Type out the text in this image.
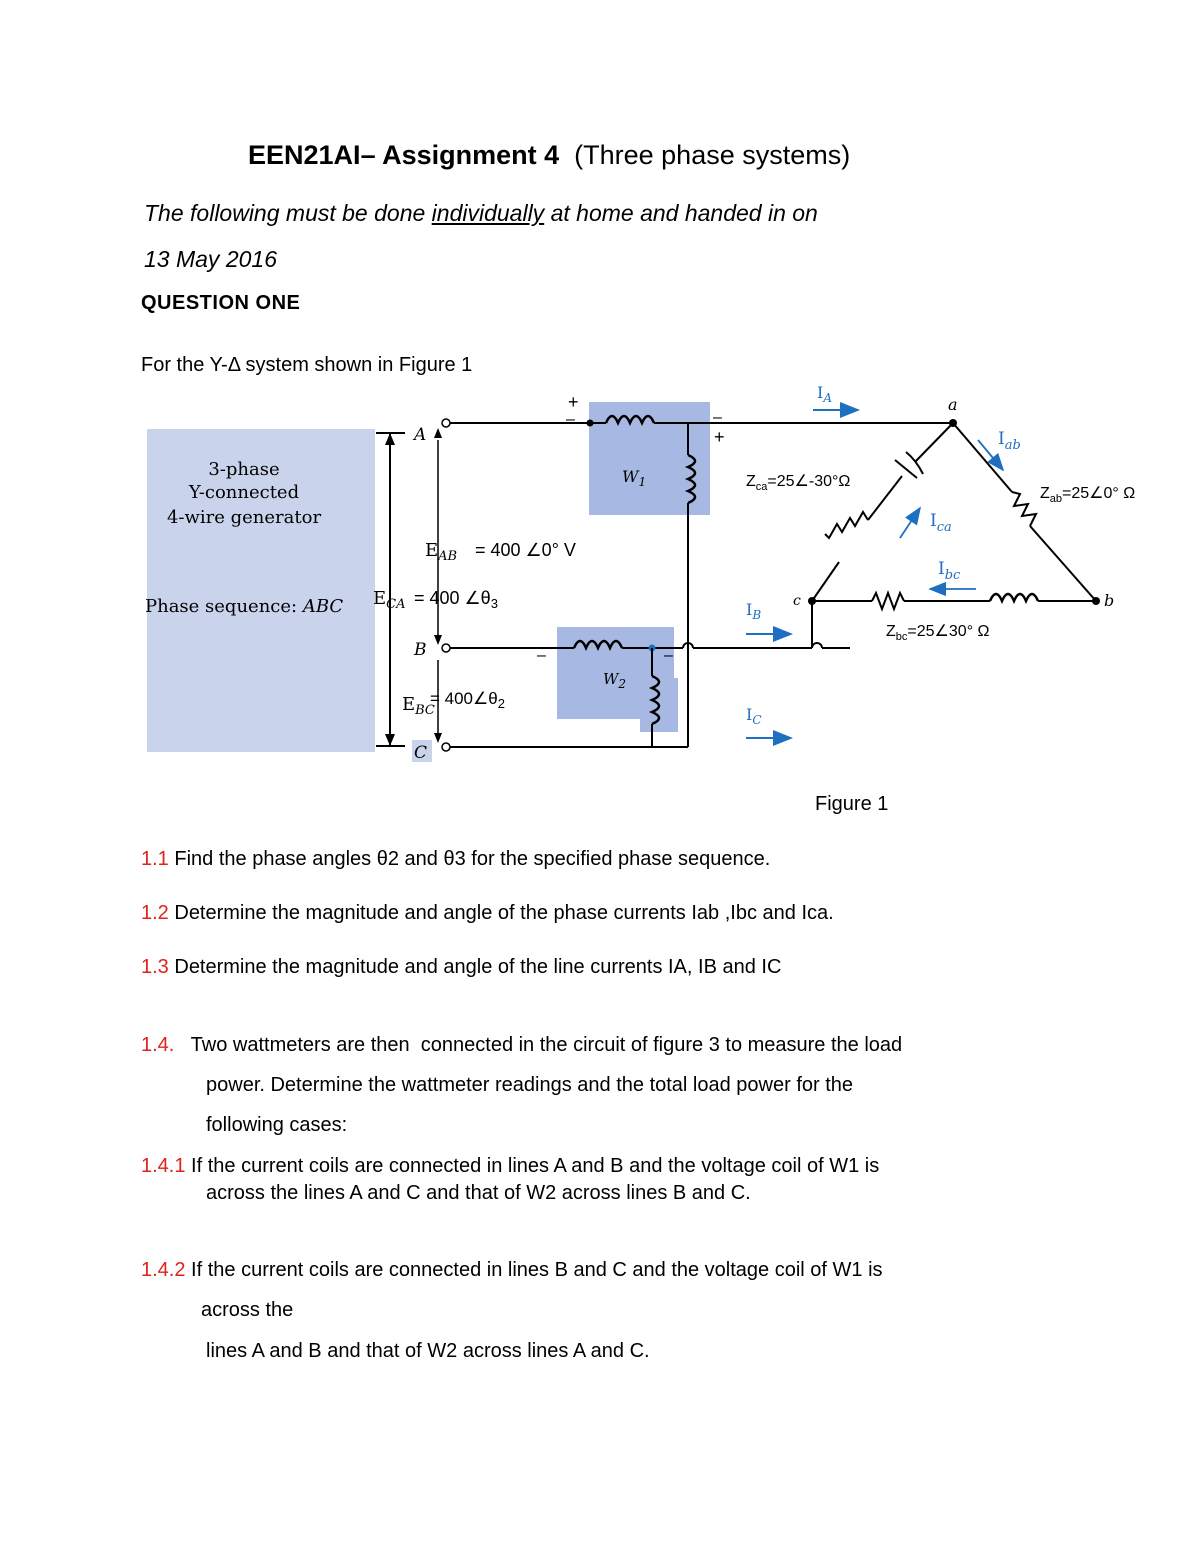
EEN21AI– Assignment 4 (Three phase systems)
The following must be done individually at home and handed in on
13 May 2016
QUESTION ONE
For the Y-Δ system shown in Figure 1
3-phase
Y-connected
4-wire generator
Phase sequence: ABC
A
B
C
$E_{AB} = 400$ ∠0° V
$E_{CA} = 400$ $\angle\theta_3$
$E_{BC}$
= $400\angle\theta_2$
+
–
+
–
$W_1$
$I_A$
–	–
$W_2$
$I_B$
$I_C$
a
c	b
$Z_{ca}=25\angle-30^\circ\Omega$
$Z_{ab}=25\angle 0^\circ$ Ω
$Z_{bc}=25\angle 30^\circ$ Ω
$I_{ab}$
$I_{ca}$
$I_{bc}$
Figure 1
1.1 Find the phase angles θ2 and θ3 for the specified phase sequence.
1.2 Determine the magnitude and angle of the phase currents Iab ,Ibc and Ica.
1.3 Determine the magnitude and angle of the line currents IA, IB and IC
1.4.   Two wattmeters are then  connected in the circuit of figure 3 to measure the load
power. Determine the wattmeter readings and the total load power for the
following cases:
1.4.1 If the current coils are connected in lines A and B and the voltage coil of W1 is
across the lines A and C and that of W2 across lines B and C.
1.4.2 If the current coils are connected in lines B and C and the voltage coil of W1 is
across the
lines A and B and that of W2 across lines A and C.
